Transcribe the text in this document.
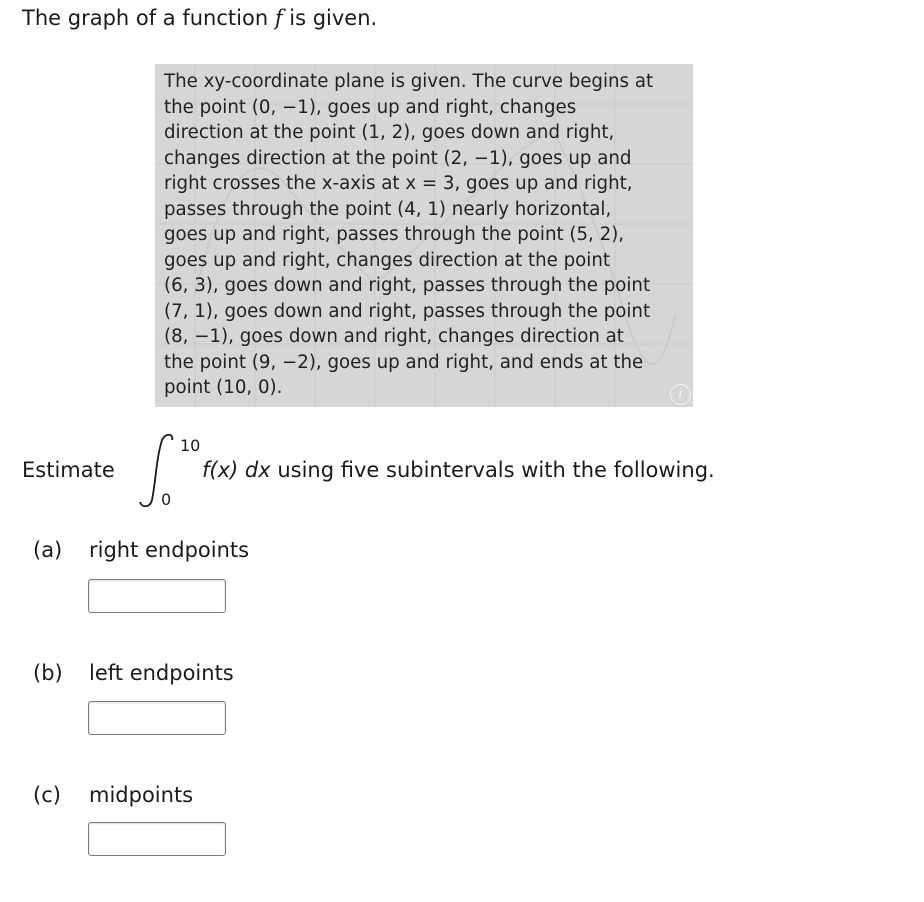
The graph of a function f is given.
The xy-coordinate plane is given. The curve begins at
the point (0, −1), goes up and right, changes
direction at the point (1, 2), goes down and right,
changes direction at the point (2, −1), goes up and
right crosses the x-axis at x = 3, goes up and right,
passes through the point (4, 1) nearly horizontal,
goes up and right, passes through the point (5, 2),
goes up and right, changes direction at the point
(6, 3), goes down and right, passes through the point
(7, 1), goes down and right, passes through the point
(8, −1), goes down and right, changes direction at
the point (9, −2), goes up and right, and ends at the
point (10, 0).	i
Estimate
10
0
f(x) dx using five subintervals with the following.
(a) right endpoints
(b) left endpoints
(c) midpoints
